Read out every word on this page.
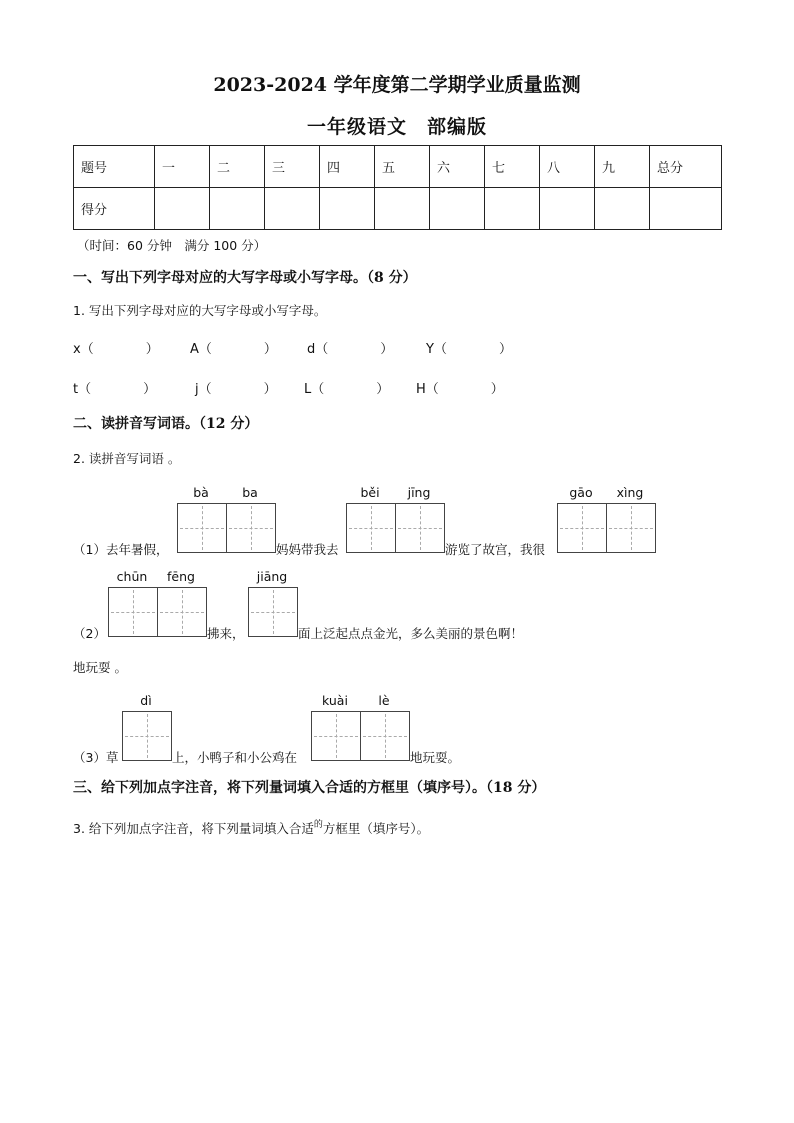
2023-2024 学年度第二学期学业质量监测
一年级语文　部编版
题号	一	二	三	四	五	六	七	八	九	总分
得分										
（时间：60 分钟　满分 100 分）
一、写出下列字母对应的大写字母或小写字母。（8 分）
1. 写出下列字母对应的大写字母或小写字母。
x（　　　　） A（　　　　） d（　　　　）	Y（　　　　）
t（　　　　）	j（　　　　） L（　　　　） H（　　　　）
二、读拼音写词语。（12 分）
2. 读拼音写词语 。
bà	ba	běi	jīng	gāo	xìng
（1）去年暑假，	妈妈带我去	游览了故宫，我很
chūn	fēng	jiāng
（2）	拂来，	面上泛起点点金光，多么美丽的景色啊！
地玩耍 。
dì	kuài	lè
（3）草	上，小鸭子和小公鸡在	地玩耍。
三、给下列加点字注音，将下列量词填入合适的方框里（填序号）。（18 分）
3. 给下列加点字注音，将下列量词填入合适$^的$方框里（填序号）。
